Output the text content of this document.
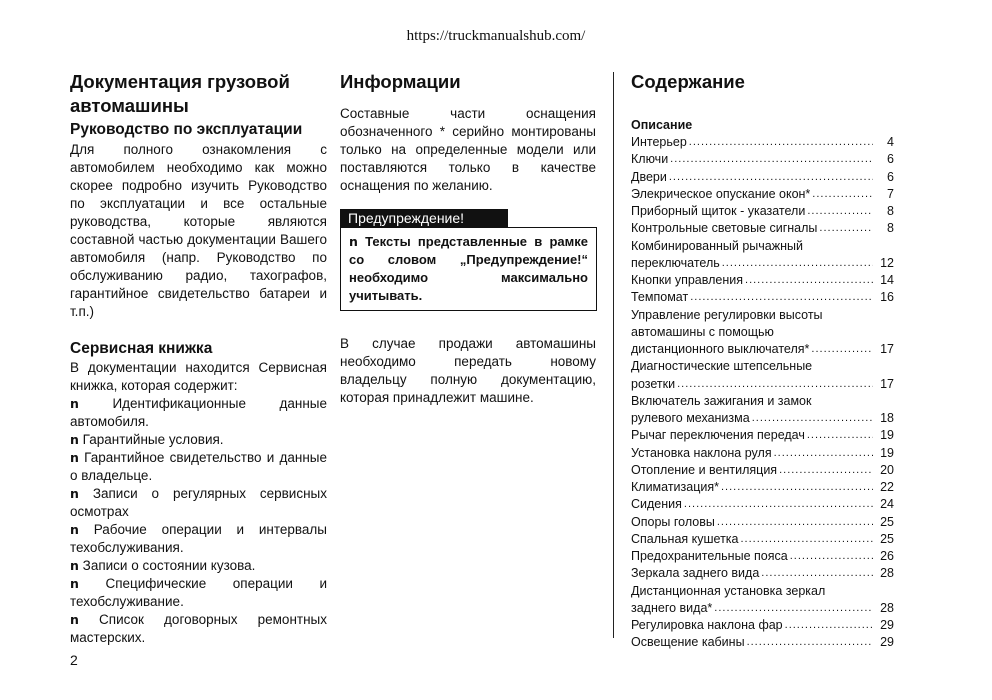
https://truckmanualshub.com/
Документация грузовой автомашины
Руководство по эксплуатации
Для полного ознакомления с автомобилем необходимо как можно скорее подробно изучить Руководство по эксплуатации и все остальные руководства, которые являются составной частью документации Вашего автомобиля (напр. Руководство по обслуживанию радио, тахографов, гарантийное свидетельство батареи и т.п.)
Сервисная книжка
В документации находится Сервисная книжка, которая содержит:
n Идентификационные данные автомобиля.
n Гарантийные условия.
n Гарантийное свидетельство и данные о владельце.
n Записи о регулярных сервисных осмотрах
n Рабочие операции и интервалы техобслуживания.
n Записи о состоянии кузова.
n Специфические операции и техобслуживание.
n Список договорных ремонтных мастерских.
Информации
Составные части оснащения обозначенного * серийно монтированы только на определенные модели или поставляются только в качестве оснащения по желанию.
Предупреждение!
n Тексты представленные в рамке со словом „Предупреждение!“ необходимо максимально учитывать.
В случае продажи автомашины необходимо передать новому владельцу полную документацию, которая принадлежит машине.
Содержание
Описание
Интерьер .....	4
Ключи .....	6
Двери .....	6
Элекрическое опускание окон* .....	7
Приборный щиток - указатели .....	8
Контрольные световые сигналы .....	8
Комбинированный рычажный
переключатель .....	12
Кнопки управления .....	14
Темпомат .....	16
Управление регулировки высоты
автомашины с помощью
дистанционного выключателя* .....	17
Диагностические штепсельные
розетки .....	17
Включатель зажигания и замок
рулевого механизма .....	18
Рычаг переключения передач .....	19
Установка наклона руля .....	19
Отопление и вентиляция .....	20
Климатизация* .....	22
Сидения .....	24
Опоры головы .....	25
Спальная кушетка .....	25
Предохранительные пояса .....	26
Зеркала заднего вида .....	28
Дистанционная установка зеркал
заднего вида* .....	28
Регулировка наклона фар .....	29
Освещение кабины .....	29
2
